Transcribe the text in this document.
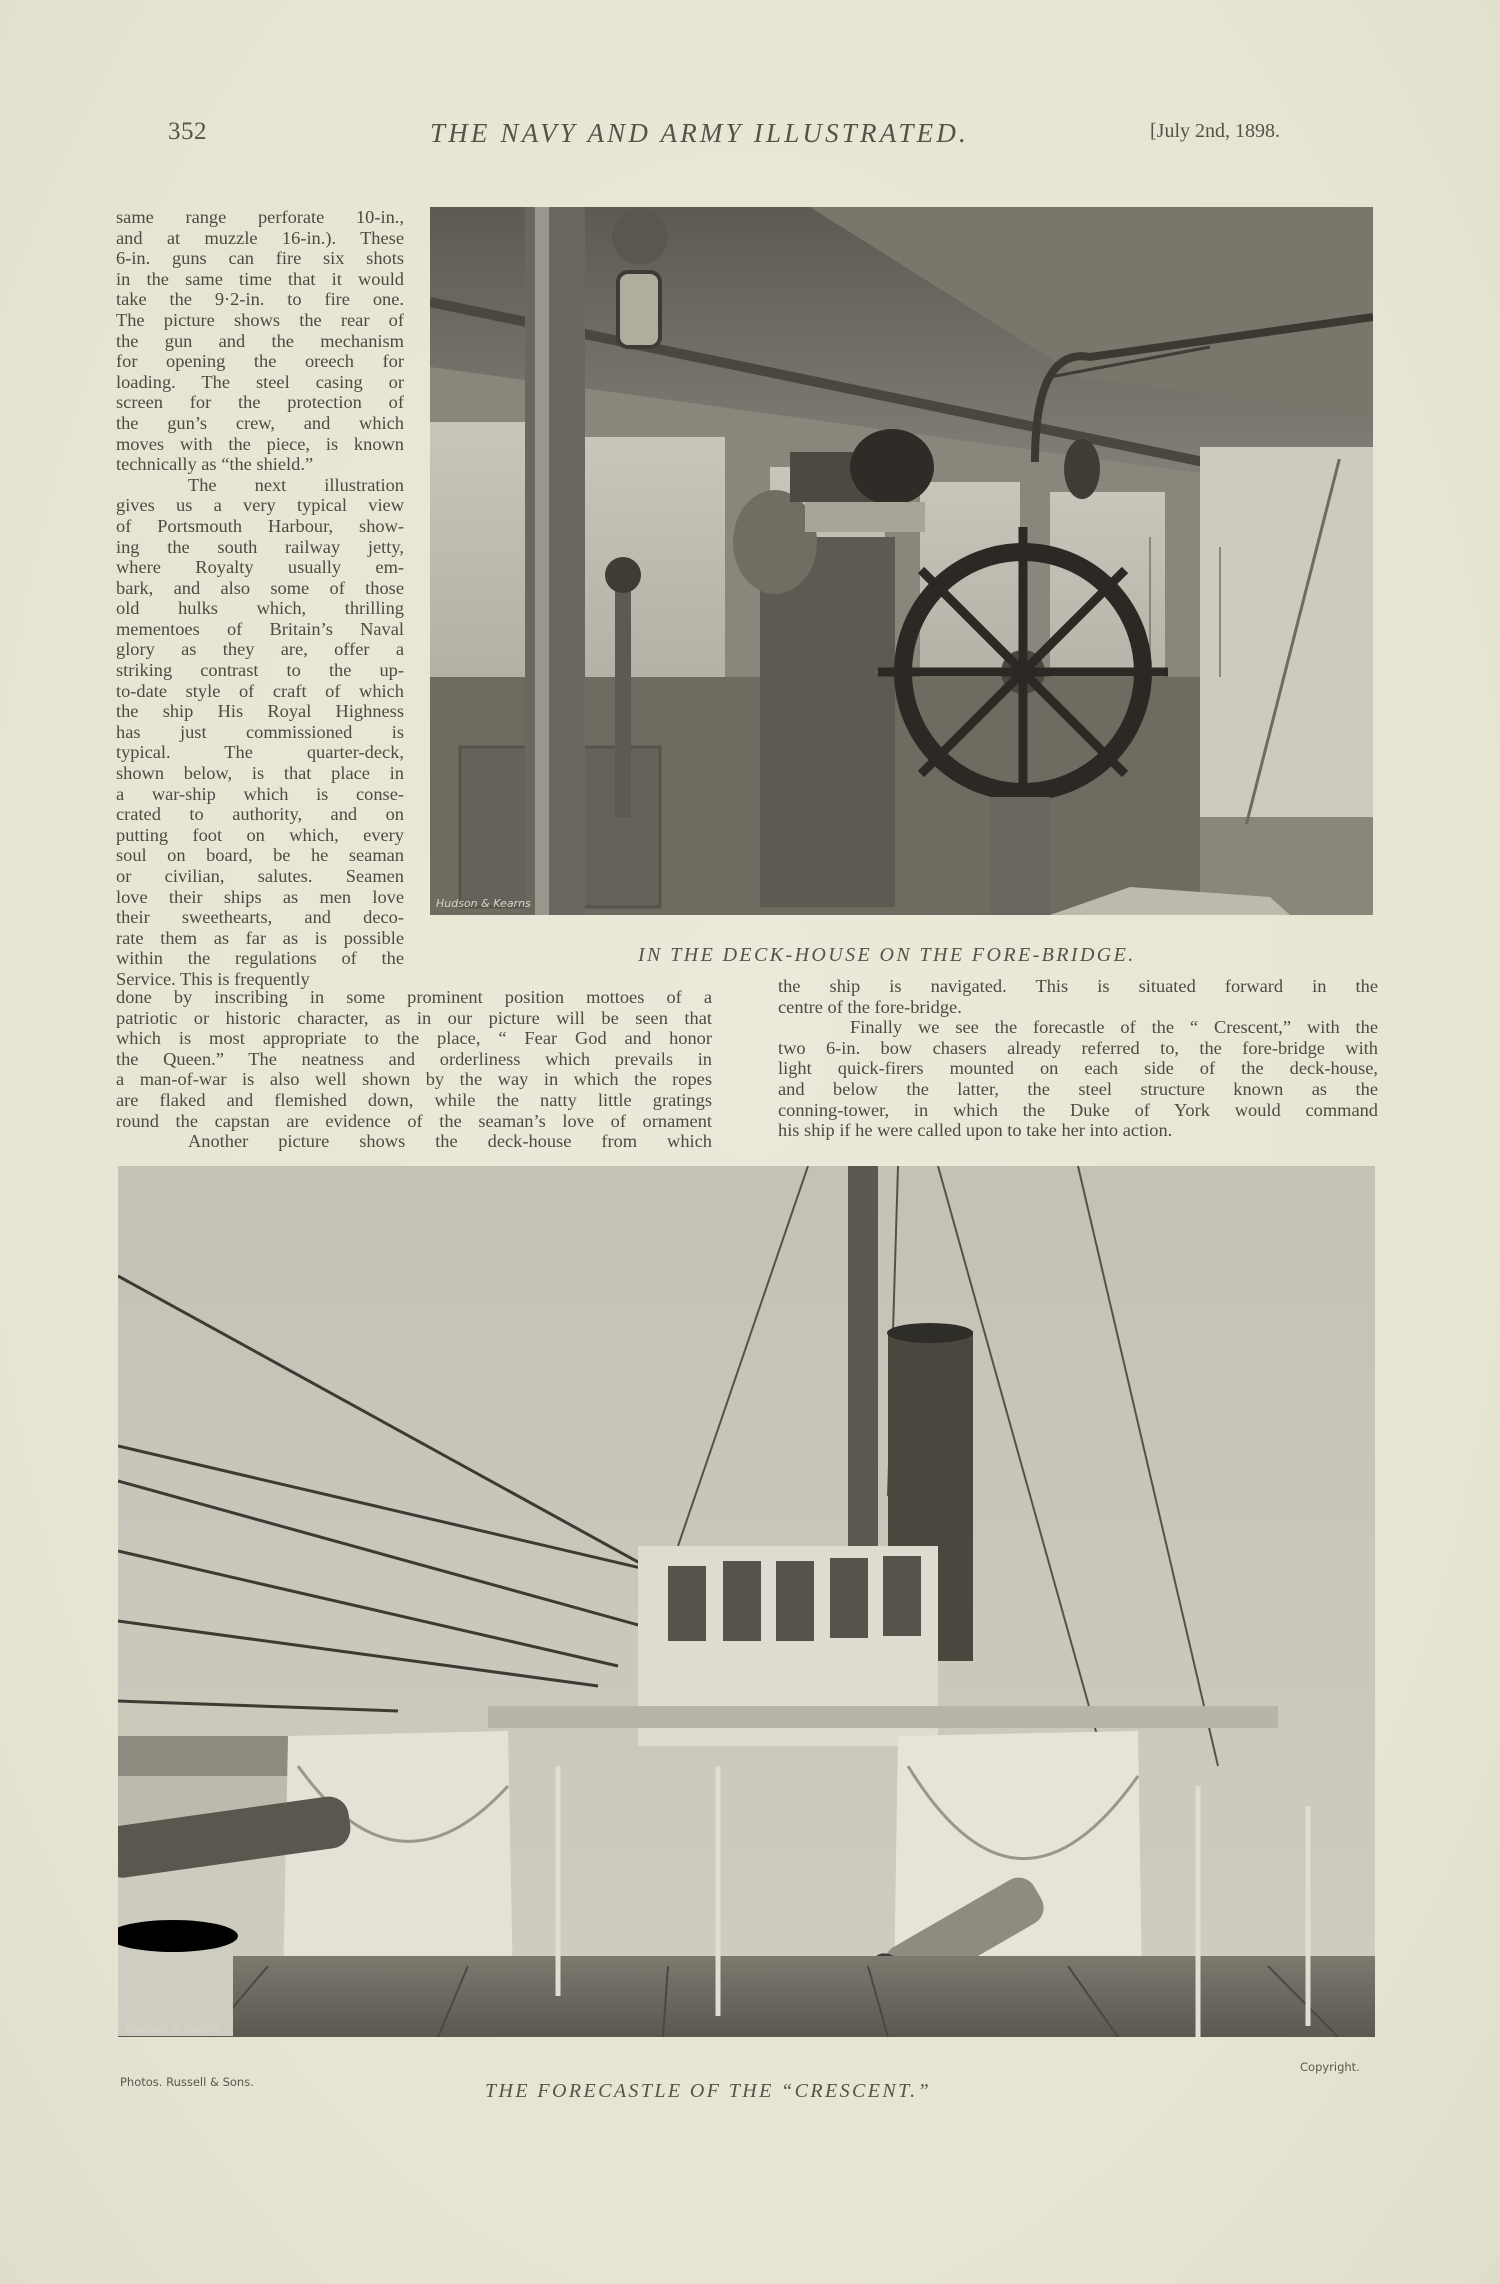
352	THE NAVY AND ARMY ILLUSTRATED.	[July 2nd, 1898.
same range perforate 10-in.,
and at muzzle 16-in.). These
6-in. guns can fire six shots
in the same time that it would
take the 9·2-in. to fire one.
The picture shows the rear of
the gun and the mechanism
for opening the oreech for
loading. The steel casing or
screen for the protection of
the gun’s crew, and which
moves with the piece, is known
technically as “the shield.”
The next illustration
gives us a very typical view
of Portsmouth Harbour, show-
ing the south railway jetty,
where Royalty usually em-
bark, and also some of those
old hulks which, thrilling
mementoes of Britain’s Naval
glory as they are, offer a
striking contrast to the up-
to-date style of craft of which
the ship His Royal Highness
has just commissioned is
typical. The quarter-deck,
shown below, is that place in
a war-ship which is conse-
crated to authority, and on
putting foot on which, every
soul on board, be he seaman
or civilian, salutes. Seamen
love their ships as men love
their sweethearts, and deco-
rate them as far as is possible
within the regulations of the
Service. This is frequently
Hudson & Kearns
IN THE DECK-HOUSE ON THE FORE-BRIDGE.
done by inscribing in some prominent position mottoes of a
patriotic or historic character, as in our picture will be seen that
which is most appropriate to the place, “ Fear God and honor
the Queen.” The neatness and orderliness which prevails in
a man-of-war is also well shown by the way in which the ropes
are flaked and flemished down, while the natty little gratings
round the capstan are evidence of the seaman’s love of ornament
Another picture shows the deck-house from which
the ship is navigated. This is situated forward in the
centre of the fore-bridge.
Finally we see the forecastle of the “ Crescent,” with the
two 6-in. bow chasers already referred to, the fore-bridge with
light quick-firers mounted on each side of the deck-house,
and below the latter, the steel structure known as the
conning-tower, in which the Duke of York would command
his ship if he were called upon to take her into action.
Hudson & Kearns
Photos. Russell & Sons.
Copyright.
THE FORECASTLE OF THE “CRESCENT.”
